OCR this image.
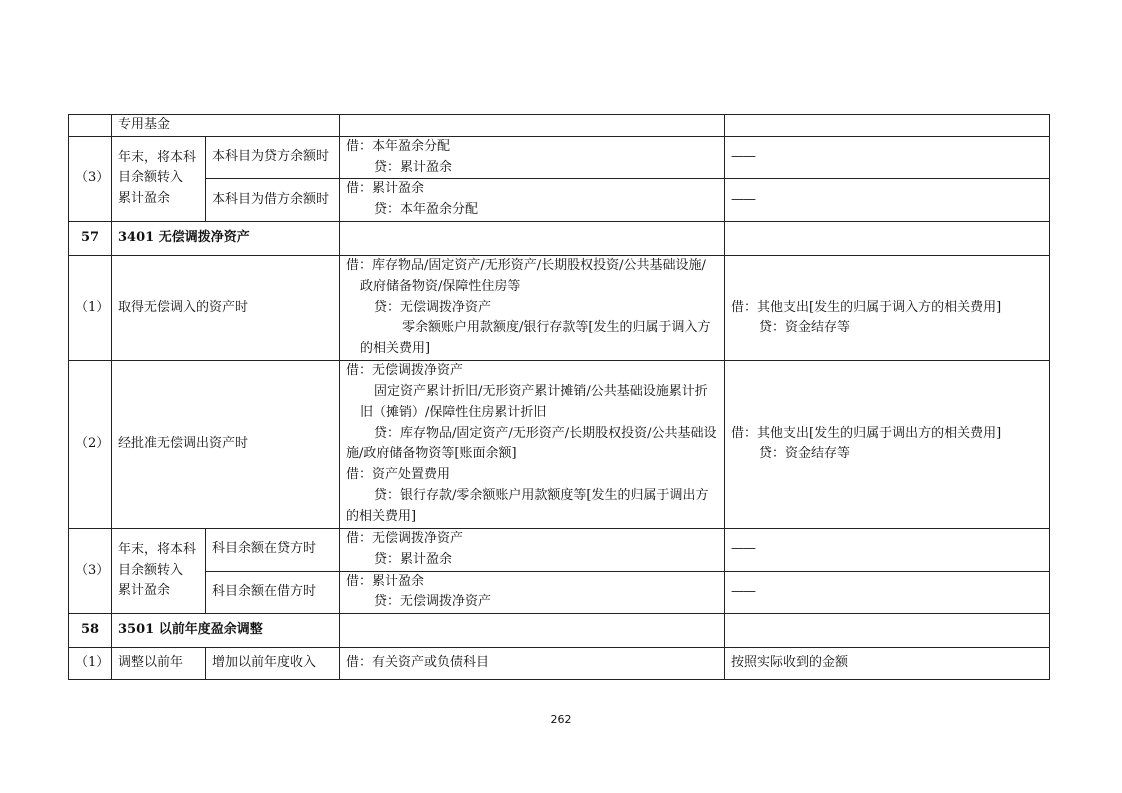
	专用基金			
（3）	年末，将本科
目余额转入
累计盈余	本科目为贷方余额时	借：本年盈余分配
贷：累计盈余	——
		本科目为借方余额时	借：累计盈余
贷：本年盈余分配	——
57	3401 无偿调拨净资产			
（1）	取得无偿调入的资产时		借：库存物品/固定资产/无形资产/长期股权投资/公共基础设施/政府储备物资/保障性住房等
贷：无偿调拨净资产
零余额账户用款额度/银行存款等[发生的归属于调入方的相关费用]	借：其他支出[发生的归属于调入方的相关费用]
贷：资金结存等

（2）	经批准无偿调出资产时		借：无偿调拨净资产
固定资产累计折旧/无形资产累计摊销/公共基础设施累计折旧（摊销）/保障性住房累计折旧
贷：库存物品/固定资产/无形资产/长期股权投资/公共基础设施/政府储备物资等[账面余额]
借：资产处置费用
贷：银行存款/零余额账户用款额度等[发生的归属于调出方的相关费用]	借：其他支出[发生的归属于调出方的相关费用]
贷：资金结存等

（3）	年末，将本科
目余额转入
累计盈余	科目余额在贷方时	借：无偿调拨净资产
贷：累计盈余	——
		科目余额在借方时	借：累计盈余
贷：无偿调拨净资产	——
58	3501 以前年度盈余调整			
（1）	调整以前年	增加以前年度收入	借：有关资产或负债科目	按照实际收到的金额
262
